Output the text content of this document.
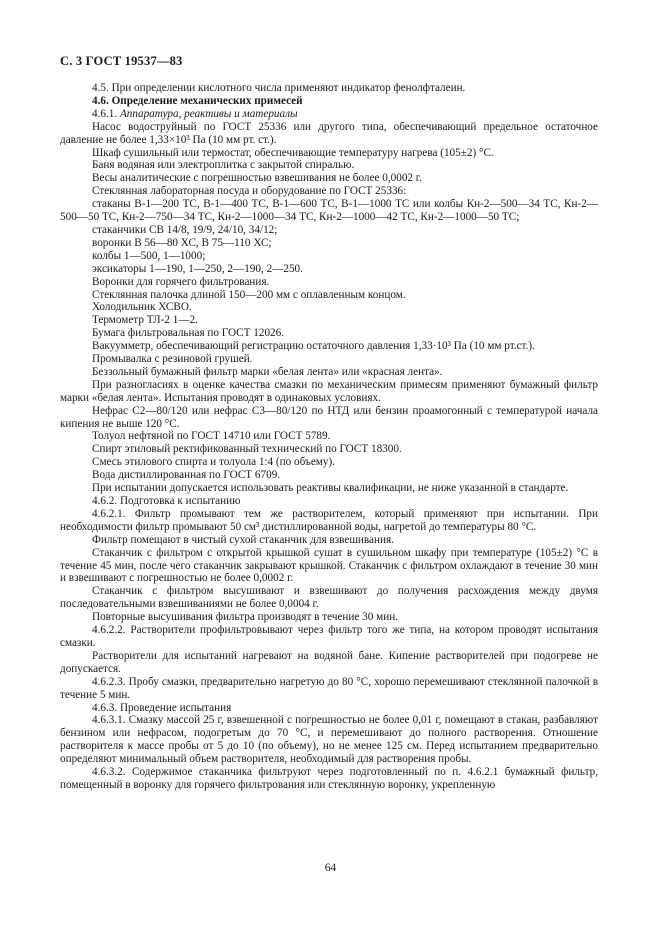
С. 3 ГОСТ 19537—83

4.5. При определении кислотного числа применяют индикатор фенолфталеин.

4.6. Определение механических примесей

4.6.1. Аппаратура, реактивы и материалы

Насос водоструйный по ГОСТ 25336 или другого типа, обеспечивающий предельное остаточное давление не более 1,33×10³ Па (10 мм рт. ст.).

Шкаф сушильный или термостат, обеспечивающие температуру нагрева (105±2) °С.

Баня водяная или электроплитка с закрытой спиралью.

Весы аналитические с погрешностью взвешивания не более 0,0002 г.

Стеклянная лабораторная посуда и оборудование по ГОСТ 25336:

стаканы В-1—200 ТС, В-1—400 ТС, В-1—600 ТС, В-1—1000 ТС или колбы Кн-2—500—34 ТС, Кн-2—500—50 ТС, Кн-2—750—34 ТС, Кн-2—1000—34 ТС, Кн-2—1000—42 ТС, Кн-2—1000—50 ТС;

стаканчики СВ 14/8, 19/9, 24/10, 34/12;

воронки В 56—80 ХС, В 75—110 ХС;

колбы 1—500, 1—1000;

эксикаторы 1—190, 1—250, 2—190, 2—250.

Воронки для горячего фильтрования.

Стеклянная палочка длиной 150—200 мм с оплавленным концом.

Холодильник ХСВО.

Термометр ТЛ-2 1—2.

Бумага фильтровальная по ГОСТ 12026.

Вакуумметр, обеспечивающий регистрацию остаточного давления 1,33·10³ Па (10 мм рт.ст.).

Промывалка с резиновой грушей.

Беззольный бумажный фильтр марки «белая лента» или «красная лента».

При разногласиях в оценке качества смазки по механическим примесям применяют бумажный фильтр марки «белая лента». Испытания проводят в одинаковых условиях.

Нефрас С2—80/120 или нефрас С3—80/120 по НТД или бензин проамогонный с температурой начала кипения не выше 120 °С.

Толуол нефтяной по ГОСТ 14710 или ГОСТ 5789.

Спирт этиловый ректификованный технический по ГОСТ 18300.

Смесь этилового спирта и толуола 1:4 (по объему).

Вода дистиллированная по ГОСТ 6709.

При испытании допускается использовать реактивы квалификации, не ниже указанной в стандарте.

4.6.2. Подготовка к испытанию

4.6.2.1. Фильтр промывают тем же растворителем, который применяют при испытании. При необходимости фильтр промывают 50 см³ дистиллированной воды, нагретой до температуры 80 °С.

Фильтр помещают в чистый сухой стаканчик для взвешивания.

Стаканчик с фильтром с открытой крышкой сушат в сушильном шкафу при температуре (105±2) °С в течение 45 мин, после чего стаканчик закрывают крышкой. Стаканчик с фильтром охлаждают в течение 30 мин и взвешивают с погрешностью не более 0,0002 г.

Стаканчик с фильтром высушивают и взвешивают до получения расхождения между двумя последовательными взвешиваниями не более 0,0004 г.

Повторные высушивания фильтра производят в течение 30 мин.

4.6.2.2. Растворители профильтровывают через фильтр того же типа, на котором проводят испытания смазки.

Растворители для испытаний нагревают на водяной бане. Кипение растворителей при подогреве не допускается.

4.6.2.3. Пробу смазки, предварительно нагретую до 80 °С, хорошо перемешивают стеклянной палочкой в течение 5 мин.

4.6.3. Проведение испытания

4.6.3.1. Смазку массой 25 г, взвешенной с погрешностью не более 0,01 г, помещают в стакан, разбавляют бензином или нефрасом, подогретым до 70 °С, и перемешивают до полного растворения. Отношение растворителя к массе пробы от 5 до 10 (по объему), но не менее 125 см. Перед испытанием предварительно определяют минимальный объем растворителя, необходимый для растворения пробы.

4.6.3.2. Содержимое стаканчика фильтруют через подготовленный по п. 4.6.2.1 бумажный фильтр, помещенный в воронку для горячего фильтрования или стеклянную воронку, укрепленную

64
